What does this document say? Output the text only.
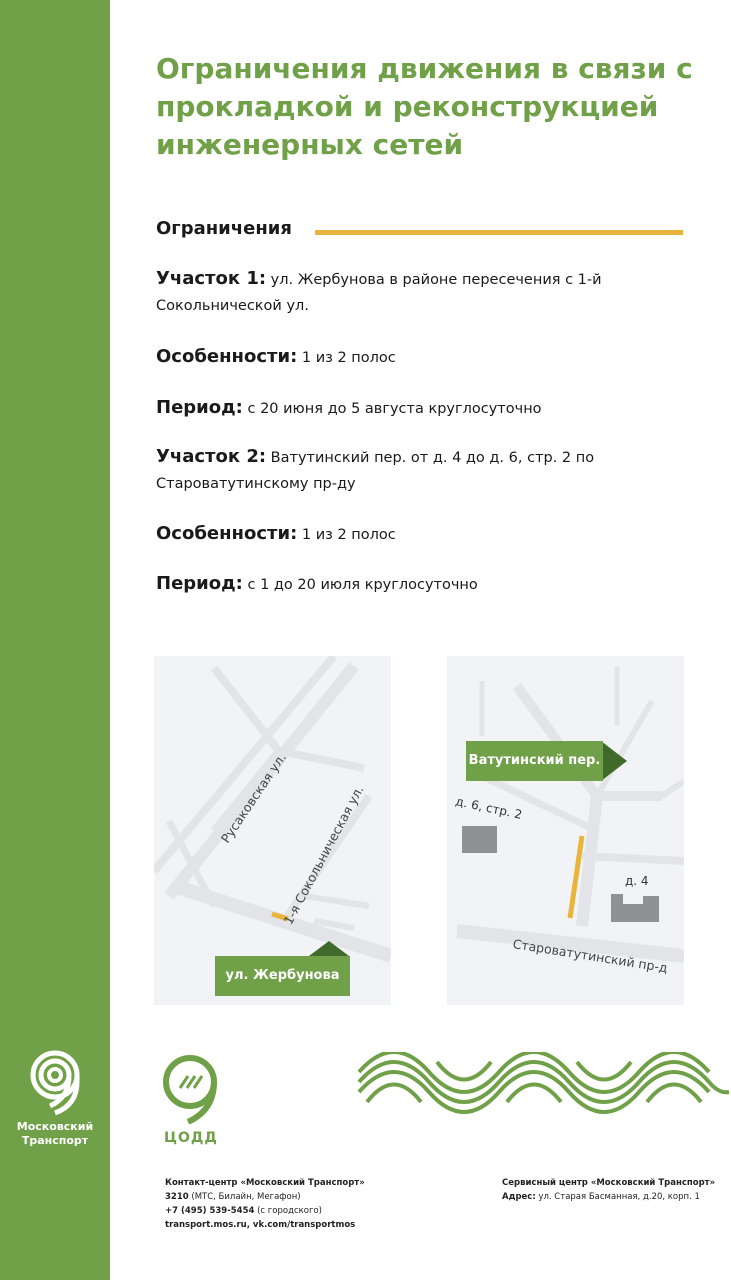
Московский
Транспорт
Ограничения движения в связи с прокладкой и реконструкцией инженерных сетей
Ограничения
Участок 1: ул. Жербунова в районе пересечения с 1-й Сокольнической ул.
Особенности: 1 из 2 полос
Период: с 20 июня до 5 августа круглосуточно
Участок 2: Ватутинский пер. от д. 4 до д. 6, стр. 2 по Староватутинскому пр-ду
Особенности: 1 из 2 полос
Период: с 1 до 20 июля круглосуточно
Русаковская ул.
1-я Сокольническая ул.
ул. Жербунова
Ватутинский пер.
д. 6, стр. 2
д. 4
Староватутинский пр-д
ЦОДД
Контакт-центр «Московский Транспорт»
3210 (МТС, Билайн, Мегафон)
+7 (495) 539-5454 (с городского)
transport.mos.ru, vk.com/transportmos
Сервисный центр «Московский Транспорт»
Адрес: ул. Старая Басманная, д.20, корп. 1
